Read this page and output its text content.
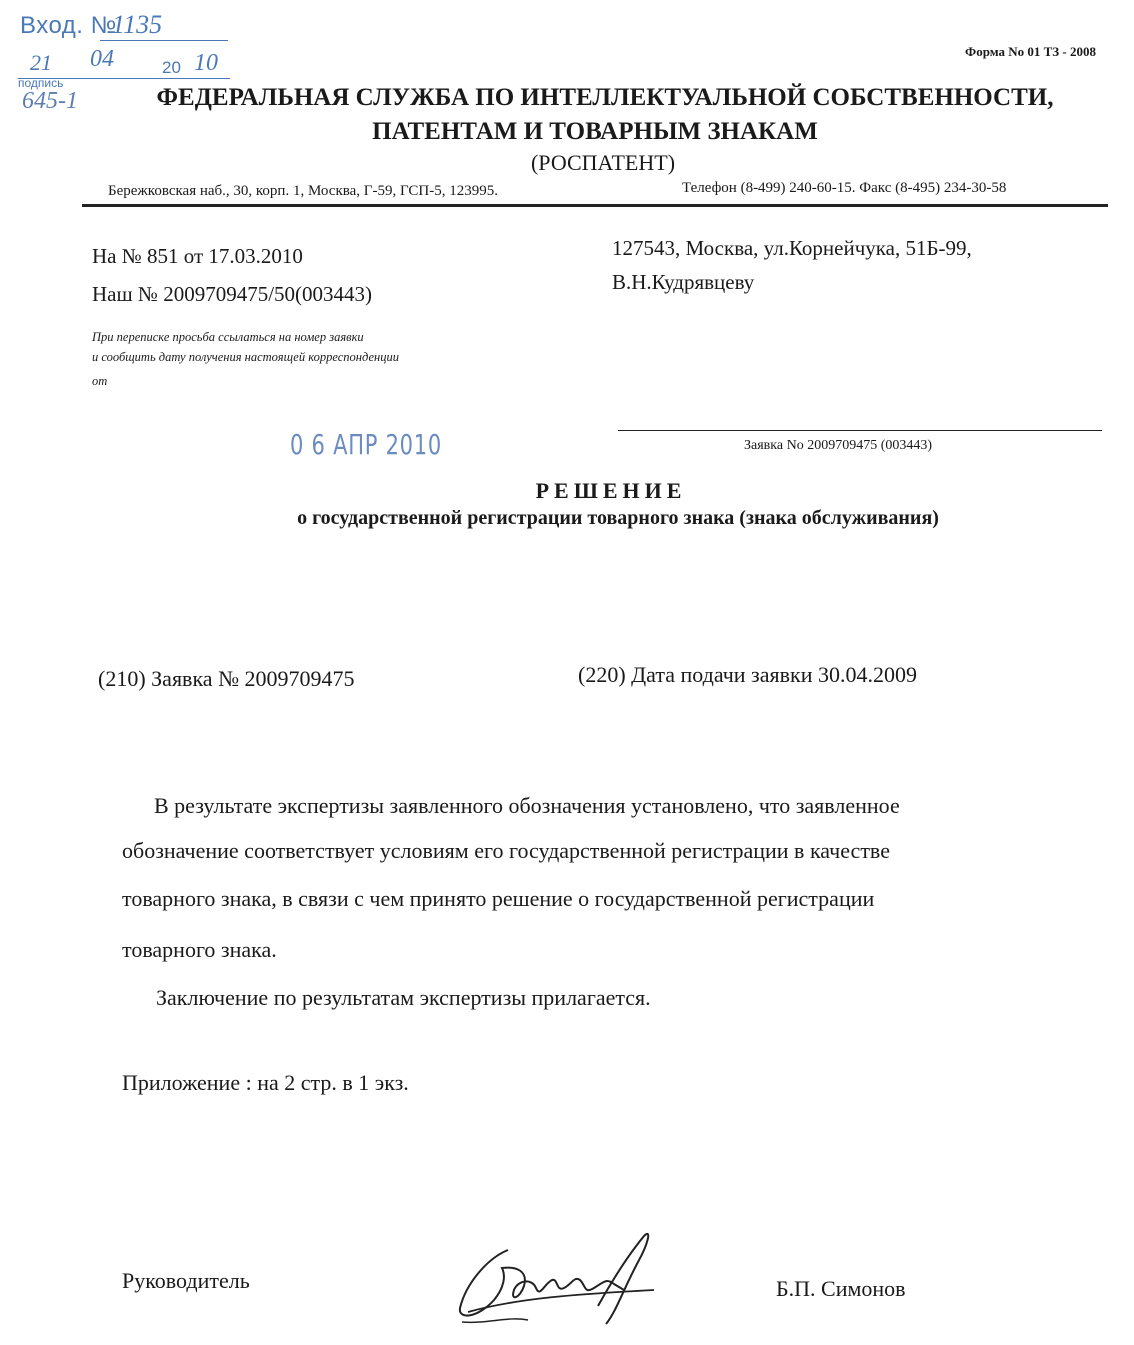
Вход. №
1135
21 04	20 10
подпись
645-1
Форма No 01 ТЗ - 2008
ФЕДЕРАЛЬНАЯ СЛУЖБА ПО ИНТЕЛЛЕКТУАЛЬНОЙ СОБСТВЕННОСТИ,
ПАТЕНТАМ И ТОВАРНЫМ ЗНАКАМ
(РОСПАТЕНТ)
Бережковская наб., 30, корп. 1, Москва, Г-59, ГСП-5, 123995.	Телефон (8-499) 240-60-15. Факс (8-495) 234-30-58
На № 851 от 17.03.2010
Наш № 2009709475/50(003443)
При переписке просьба ссылаться на номер заявки
и сообщить дату получения настоящей корреспонденции
от
127543, Москва, ул.Корнейчука, 51Б-99,
В.Н.Кудрявцеву
0 6 АПР 2010	Заявка No 2009709475 (003443)
РЕШЕНИЕ
о государственной регистрации товарного знака (знака обслуживания)
(210) Заявка № 2009709475	(220) Дата подачи заявки 30.04.2009
В результате экспертизы заявленного обозначения установлено, что заявленное
обозначение соответствует условиям его государственной регистрации в качестве
товарного знака, в связи с чем принято решение о государственной регистрации
товарного знака.
Заключение по результатам экспертизы прилагается.
Приложение : на 2 стр. в 1 экз.
Руководитель	Б.П. Симонов
